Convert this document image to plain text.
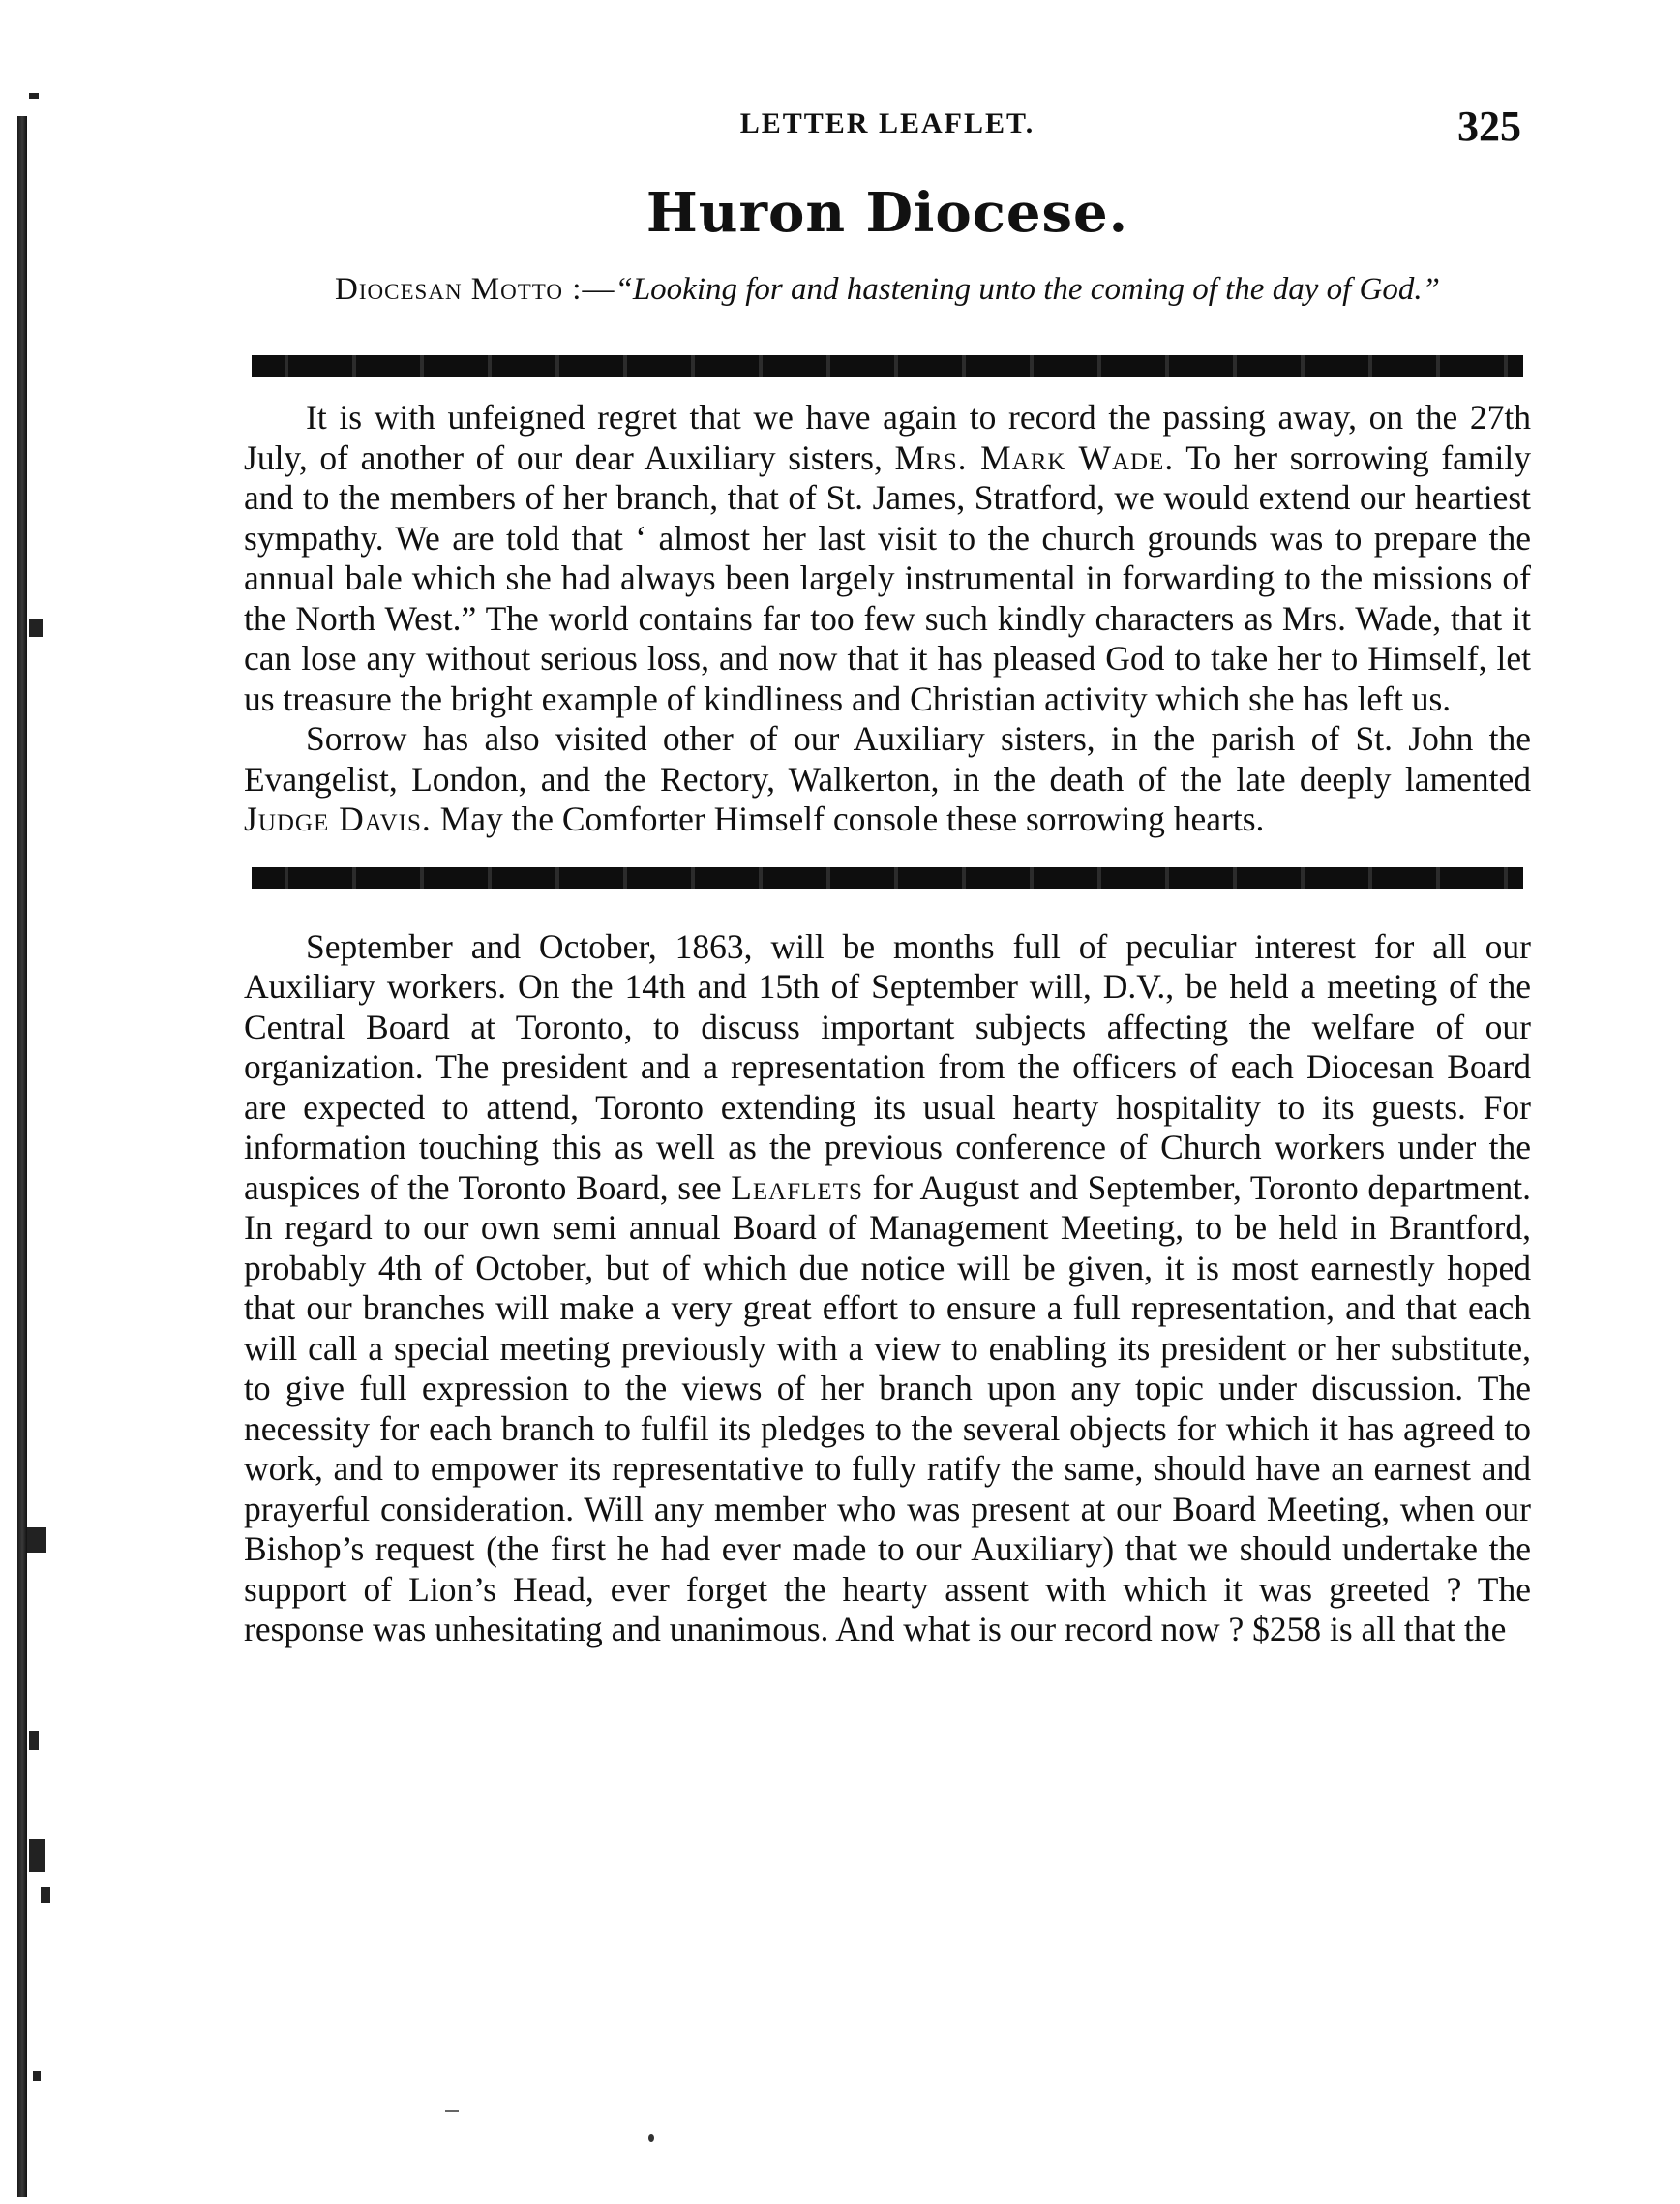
LETTER LEAFLET.	325
Huron Diocese.
Diocesan Motto :—“Looking for and hastening unto the coming of the day of God.”

It is with unfeigned regret that we have again to record the passing away, on the 27th July, of another of our dear Auxiliary sisters, Mrs. Mark Wade. To her sorrowing family and to the members of her branch, that of St. James, Stratford, we would extend our heartiest sympathy. We are told that ‘ almost her last visit to the church grounds was to prepare the annual bale which she had always been largely instrumental in forwarding to the missions of the North West.” The world contains far too few such kindly characters as Mrs. Wade, that it can lose any without serious loss, and now that it has pleased God to take her to Himself, let us treasure the bright example of kindliness and Christian activity which she has left us.

Sorrow has also visited other of our Auxiliary sisters, in the parish of St. John the Evangelist, London, and the Rectory, Walkerton, in the death of the late deeply lamented Judge Davis. May the Comforter Himself console these sorrowing hearts.

September and October, 1863, will be months full of peculiar interest for all our Auxiliary workers. On the 14th and 15th of September will, D.V., be held a meeting of the Central Board at Toronto, to discuss important subjects affecting the welfare of our organization. The president and a representation from the officers of each Diocesan Board are expected to attend, Toronto extending its usual hearty hospitality to its guests. For information touching this as well as the previous conference of Church workers under the auspices of the Toronto Board, see Leaflets for August and September, Toronto department. In regard to our own semi annual Board of Management Meeting, to be held in Brantford, probably 4th of October, but of which due notice will be given, it is most earnestly hoped that our branches will make a very great effort to ensure a full representation, and that each will call a special meeting previously with a view to enabling its president or her substitute, to give full expression to the views of her branch upon any topic under discussion. The necessity for each branch to fulfil its pledges to the several objects for which it has agreed to work, and to empower its representative to fully ratify the same, should have an earnest and prayerful consideration. Will any member who was present at our Board Meeting, when our Bishop’s request (the first he had ever made to our Auxiliary) that we should undertake the support of Lion’s Head, ever forget the hearty assent with which it was greeted ? The response was unhesitating and unanimous. And what is our record now ? $258 is all that the
